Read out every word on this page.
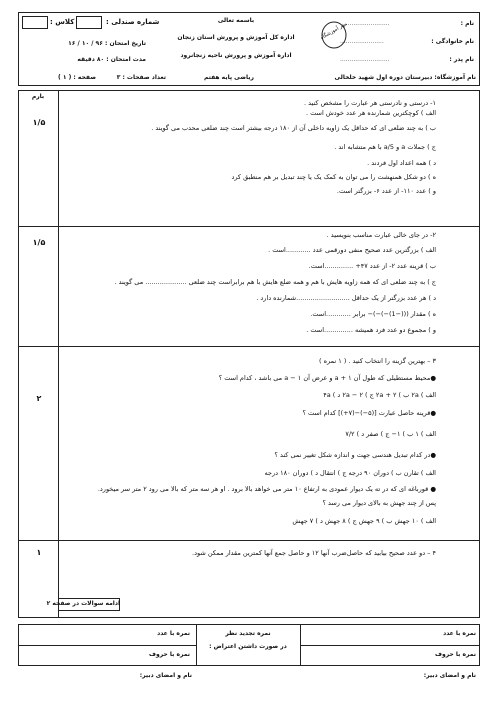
کلاس :	شماره صندلی :
تاریخ امتحان : ۹۶ / ۱۰ / ۱۶
مدت امتحان : ۸۰ دقیقه
تعداد صفحات : ۳
صفحه : ( ۱ )
باسمه تعالی
اداره کل آموزش و پرورش استان زنجان
اداره آموزش و پرورش ناحیه زنجانرود
نام آموزشگاه: دبیرستان دوره اول شهید خلخالی
ریاضی پایه هفتم
نام :
..........................
نام خانوادگی :
.......................
نام پدر :
..........................
مهر آموزشگاه
بارم
۱/۵
۱- درستی و نادرستی هر عبارت را مشخص کنید .
الف ) کوچکترین شمارنده هر عدد خودش است .
ب ) به چند ضلعی ای که حداقل یک زاویه داخلی آن از ۱۸۰ درجه بیشتر است چند ضلعی محدب می گویند .
ج ) جملات a و a/5 با هم متشابه اند .
د ) همه اعداد اول فردند .
ه ) دو شکل همنهشت را می توان به کمک یک یا چند تبدیل بر هم منطبق کرد
و ) عدد ۱۱۰- از عدد ۶- بزرگتر است.
۱/۵
۲- در جای خالی عبارت مناسب بنویسید .
الف ) بزرگترین عدد صحیح منفی دورقمی عدد ............است .
ب ) قرینه عدد ۲- از عدد ۴۷+ ..............است.
ج ) به چند ضلعی ای که همه زاویه هایش با هم و همه ضلع هایش با هم برابراست چند ضلعی .................... می گویند .
د ) هر عدد بزرگتر از یک حداقل ..........................شمارنده دارد .
ه ) مقدار (((−1)−)−)− برابر ............است.
و ) مجموع دو عدد فرد همیشه ..............است .
۲
۳ – بهترین گزینه را انتخاب کنید . ( ۱ نمره )
●محیط مستطیلی که طول آن ۱ + a و عرض آن ۱ − a می باشد ، کدام است ؟
الف ) ۲a ب ) ۲ + ۲a ج ) ۲ − ۲a د ) ۴a
●قرینه حاصل عبارت [(۵−)−(۷+)] کدام است ؟
الف ) ۱ ب ) ۱− ج ) صفر د ) ۷/۲
●در کدام تبدیل هندسی جهت و اندازه شکل تغییر نمی کند ؟
الف ) تقارن ب ) دوران ۹۰ درجه ج ) انتقال د ) دوران ۱۸۰ درجه
● قورباغه ای که در ته یک دیوار عمودی به ارتفاع ۱۰ متر می خواهد بالا برود . او هر سه متر که بالا می رود ۲ متر سر میخورد.
پس از چند جهش به بالای دیوار می رسد ؟
الف ) ۱۰ جهش ب ) ۹ جهش ج ) ۸ جهش د ) ۷ جهش
۱	۴ – دو عدد صحیح بیابید که حاصل‌ضرب آنها ۱۲ و حاصل جمع آنها کمترین مقدار ممکن شود.
ادامه سوالات در صفحه ۲
نمره با عدد
نمره با حروف
نمره تجدید نظر
در صورت داشتن اعتراض :
نمره با عدد
نمره با حروف
نام و امضای دبیر:
نام و امضای دبیر:
